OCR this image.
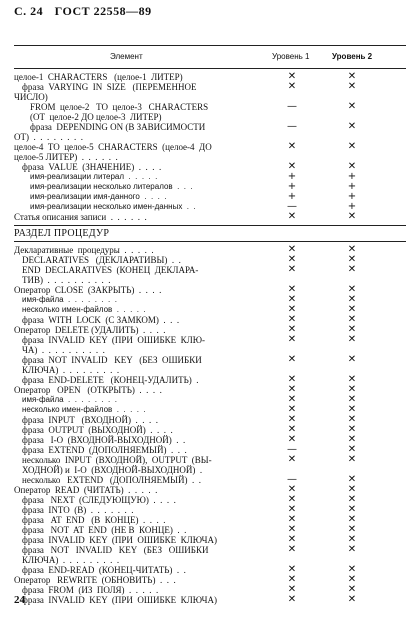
С. 24 ГОСТ 22558—89
Элемент	Уровень 1	Уровень 2
целое-1  CHARACTERS   (целое-1  ЛИТЕР)	✕	✕
фраза  VARYING  IN  SIZE   (ПЕРЕМЕННОЕ	✕	✕
ЧИСЛО)
FROM  целое-2   TO  целое-3   CHARACTERS	—	✕
(ОТ  целое-2 ДО целое-3  ЛИТЕР)
фраза  DEPENDING ON (В ЗАВИСИМОСТИ	—	✕
ОТ)  .  .  .  .  .  .  .  .
целое-4  TO  целое-5  CHARACTERS  (целое-4  ДО	✕	✕
целое-5 ЛИТЕР)  .  .  .  .  .  .
фраза  VALUE  (ЗНАЧЕНИЕ)  .  .  .  .	✕	✕
имя-реализации литерал  .  .  .  .  .	+	+
имя-реализации несколько литералов  .  .  .	+	+
имя-реализации имя-данного  .  .  .  .	+	+
имя-реализации несколько имен-данных  .  .	—	+
Статья описания записи  .  .  .  .  .  .	✕	✕
РАЗДЕЛ ПРОЦЕДУР
Декларативные  процедуры  .  .  .  .  .	✕	✕
DECLARATIVES   (ДЕКЛАРАТИВЫ)  .  .	✕	✕
END  DECLARATIVES  (КОНЕЦ  ДЕКЛАРА-	✕	✕
ТИВ)  .  .  .  .  .  .  .  .  .  .
Оператор  CLOSE  (ЗАКРЫТЬ)  .  .  .  .	✕	✕
имя-файла  .  .  .  .  .  .  .  .	✕	✕
несколько имен-файлов  .  .  .  .  .	✕	✕
фраза  WITH  LOCK  (С ЗАМКОМ)  .  .  .	✕	✕
Оператор  DELETE (УДАЛИТЬ)  .  .  .  .	✕	✕
фраза  INVALID  KEY  (ПРИ  ОШИБКЕ  КЛЮ-	✕	✕
ЧА)  .  .  .  .  .  .  .  .  .  .
фраза  NOT  INVALID   KEY   (БЕЗ  ОШИБКИ	✕	✕
КЛЮЧА)  .  .  .  .  .  .  .  .  .
фраза  END-DELETE   (КОНЕЦ-УДАЛИТЬ)  .	✕	✕
Оператор   OPEN   (ОТКРЫТЬ)  .  .  .  .	✕	✕
имя-файла  .  .  .  .  .  .  .  .	✕	✕
несколько имен-файлов  .  .  .  .  .	✕	✕
фраза  INPUT   (ВХОДНОЙ)  .  .  .  .	✕	✕
фраза  OUTPUT  (ВЫХОДНОЙ)  .  .  .  .	✕	✕
фраза   I-O  (ВХОДНОЙ-ВЫХОДНОЙ)  .  .	✕	✕
фраза  EXTEND  (ДОПОЛНЯЕМЫЙ)  .  .  .	—	✕
несколько  INPUT  (ВХОДНОЙ),  OUTPUT  (ВЫ-	✕	✕
ХОДНОЙ) и  I-O  (ВХОДНОЙ-ВЫХОДНОЙ)  .
несколько   EXTEND   (ДОПОЛНЯЕМЫЙ)  .  .	—	✕
Оператор  READ  (ЧИТАТЬ)  .  .  .  .  .	✕	✕
фраза   NEXT  (СЛЕДУЮЩУЮ)  .  .  .  .	✕	✕
фраза  INTO  (В)  .  .  .  .  .  .  .	✕	✕
фраза   AT  END   (В  КОНЦЕ)  .  .  .  .	✕	✕
фраза   NOT  AT  END  (НЕ В  КОНЦЕ)  .  .	✕	✕
фраза  INVALID  KEY  (ПРИ  ОШИБКЕ  КЛЮЧА)	✕	✕
фраза   NOT   INVALID   KEY   (БЕЗ   ОШИБКИ	✕	✕
КЛЮЧА)  .  .  .  .  .  .  .  .  .
фраза  END-READ  (КОНЕЦ-ЧИТАТЬ)  .  .	✕	✕
Оператор   REWRITE  (ОБНОВИТЬ)  .  .  .	✕	✕
фраза  FROM  (ИЗ  ПОЛЯ)  .  .  .  .  .	✕	✕
фраза  INVALID  KEY  (ПРИ  ОШИБКЕ  КЛЮЧА)	✕	✕
24
